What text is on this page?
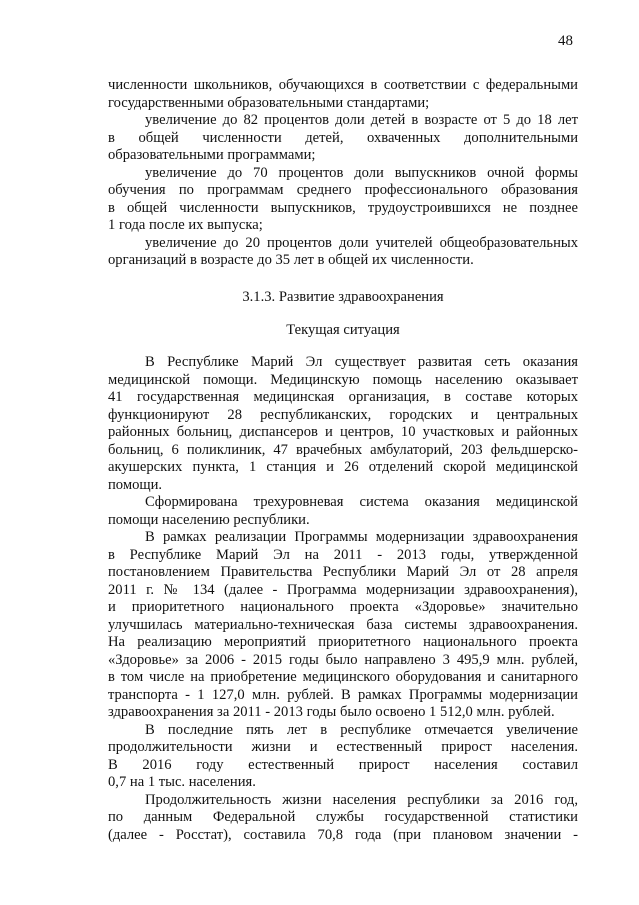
48

численности школьников, обучающихся в соответствии с федеральными
государственными образовательными стандартами;

увеличение до 82 процентов доли детей в возрасте от 5 до 18 лет
в общей численности детей, охваченных дополнительными
образовательными программами;

увеличение до 70 процентов доли выпускников очной формы
обучения по программам среднего профессионального образования
в общей численности выпускников, трудоустроившихся не позднее
1 года после их выпуска;

увеличение до 20 процентов доли учителей общеобразовательных
организаций в возрасте до 35 лет в общей их численности.

3.1.3. Развитие здравоохранения
Текущая ситуация

В Республике Марий Эл существует развитая сеть оказания
медицинской помощи. Медицинскую помощь населению оказывает
41 государственная медицинская организация, в составе которых
функционируют 28 республиканских, городских и центральных
районных больниц, диспансеров и центров, 10 участковых и районных
больниц, 6 поликлиник, 47 врачебных амбулаторий, 203 фельдшерско-
акушерских пункта, 1 станция и 26 отделений скорой медицинской
помощи.

Сформирована трехуровневая система оказания медицинской
помощи населению республики.

В рамках реализации Программы модернизации здравоохранения
в Республике Марий Эл на 2011 - 2013 годы, утвержденной
постановлением Правительства Республики Марий Эл от 28 апреля
2011 г. № 134 (далее - Программа модернизации здравоохранения),
и приоритетного национального проекта «Здоровье» значительно
улучшилась материально-техническая база системы здравоохранения.
На реализацию мероприятий приоритетного национального проекта
«Здоровье» за 2006 - 2015 годы было направлено 3 495,9 млн. рублей,
в том числе на приобретение медицинского оборудования и санитарного
транспорта - 1 127,0 млн. рублей. В рамках Программы модернизации
здравоохранения за 2011 - 2013 годы было освоено 1 512,0 млн. рублей.

В последние пять лет в республике отмечается увеличение
продолжительности жизни и естественный прирост населения.
В 2016 году естественный прирост населения составил
0,7 на 1 тыс. населения.

Продолжительность жизни населения республики за 2016 год,
по данным Федеральной службы государственной статистики
(далее - Росстат), составила 70,8 года (при плановом значении -
